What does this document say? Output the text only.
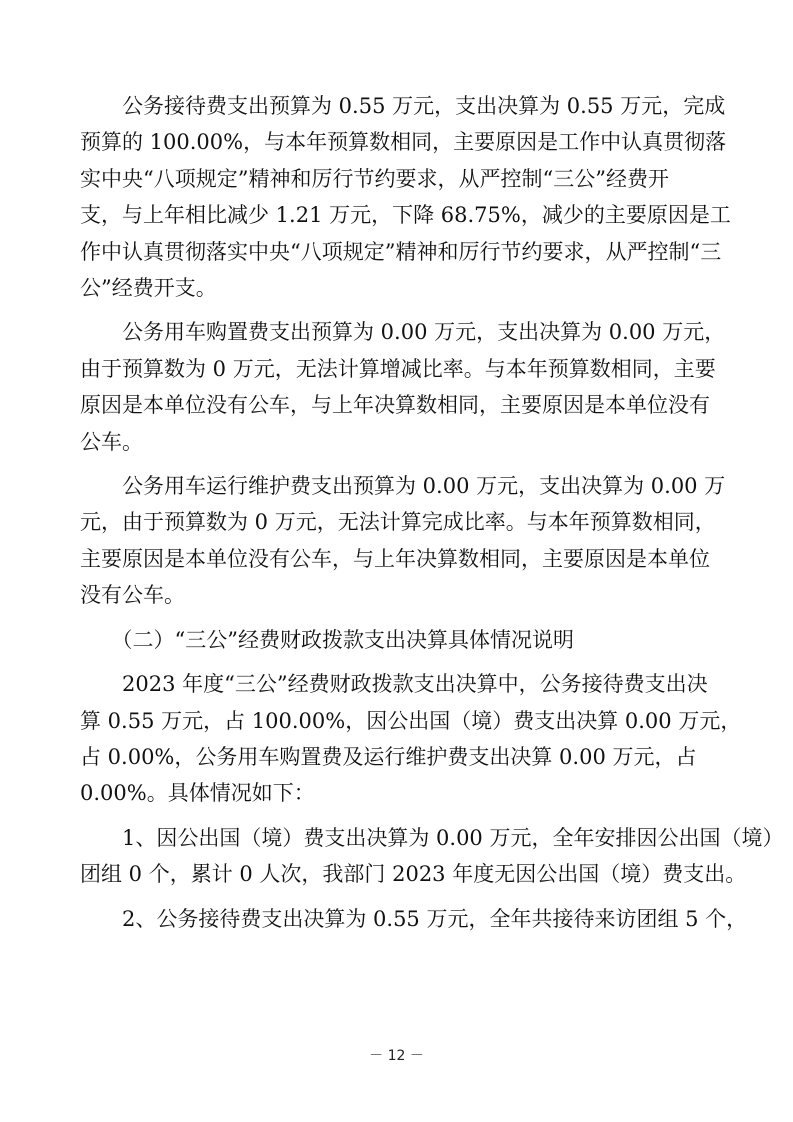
　　公务接待费支出预算为 0.55 万元，支出决算为 0.55 万元，完成
预算的 100.00%，与本年预算数相同，主要原因是工作中认真贯彻落
实中央“八项规定”精神和厉行节约要求，从严控制“三公”经费开
支，与上年相比减少 1.21 万元，下降 68.75%，减少的主要原因是工
作中认真贯彻落实中央“八项规定”精神和厉行节约要求，从严控制“三
公”经费开支。
　　公务用车购置费支出预算为 0.00 万元，支出决算为 0.00 万元，
由于预算数为 0 万元，无法计算增减比率。与本年预算数相同，主要
原因是本单位没有公车，与上年决算数相同，主要原因是本单位没有
公车。
　　公务用车运行维护费支出预算为 0.00 万元，支出决算为 0.00 万
元，由于预算数为 0 万元，无法计算完成比率。与本年预算数相同，
主要原因是本单位没有公车，与上年决算数相同，主要原因是本单位
没有公车。
　　（二）“三公”经费财政拨款支出决算具体情况说明
　　2023 年度“三公”经费财政拨款支出决算中，公务接待费支出决
算 0.55 万元，占 100.00%，因公出国（境）费支出决算 0.00 万元，
占 0.00%，公务用车购置费及运行维护费支出决算 0.00 万元，占
0.00%。具体情况如下：
　　1、因公出国（境）费支出决算为 0.00 万元，全年安排因公出国（境）
团组 0 个，累计 0 人次，我部门 2023 年度无因公出国（境）费支出。
　　2、公务接待费支出决算为 0.55 万元，全年共接待来访团组 5 个，
－ 12 －
